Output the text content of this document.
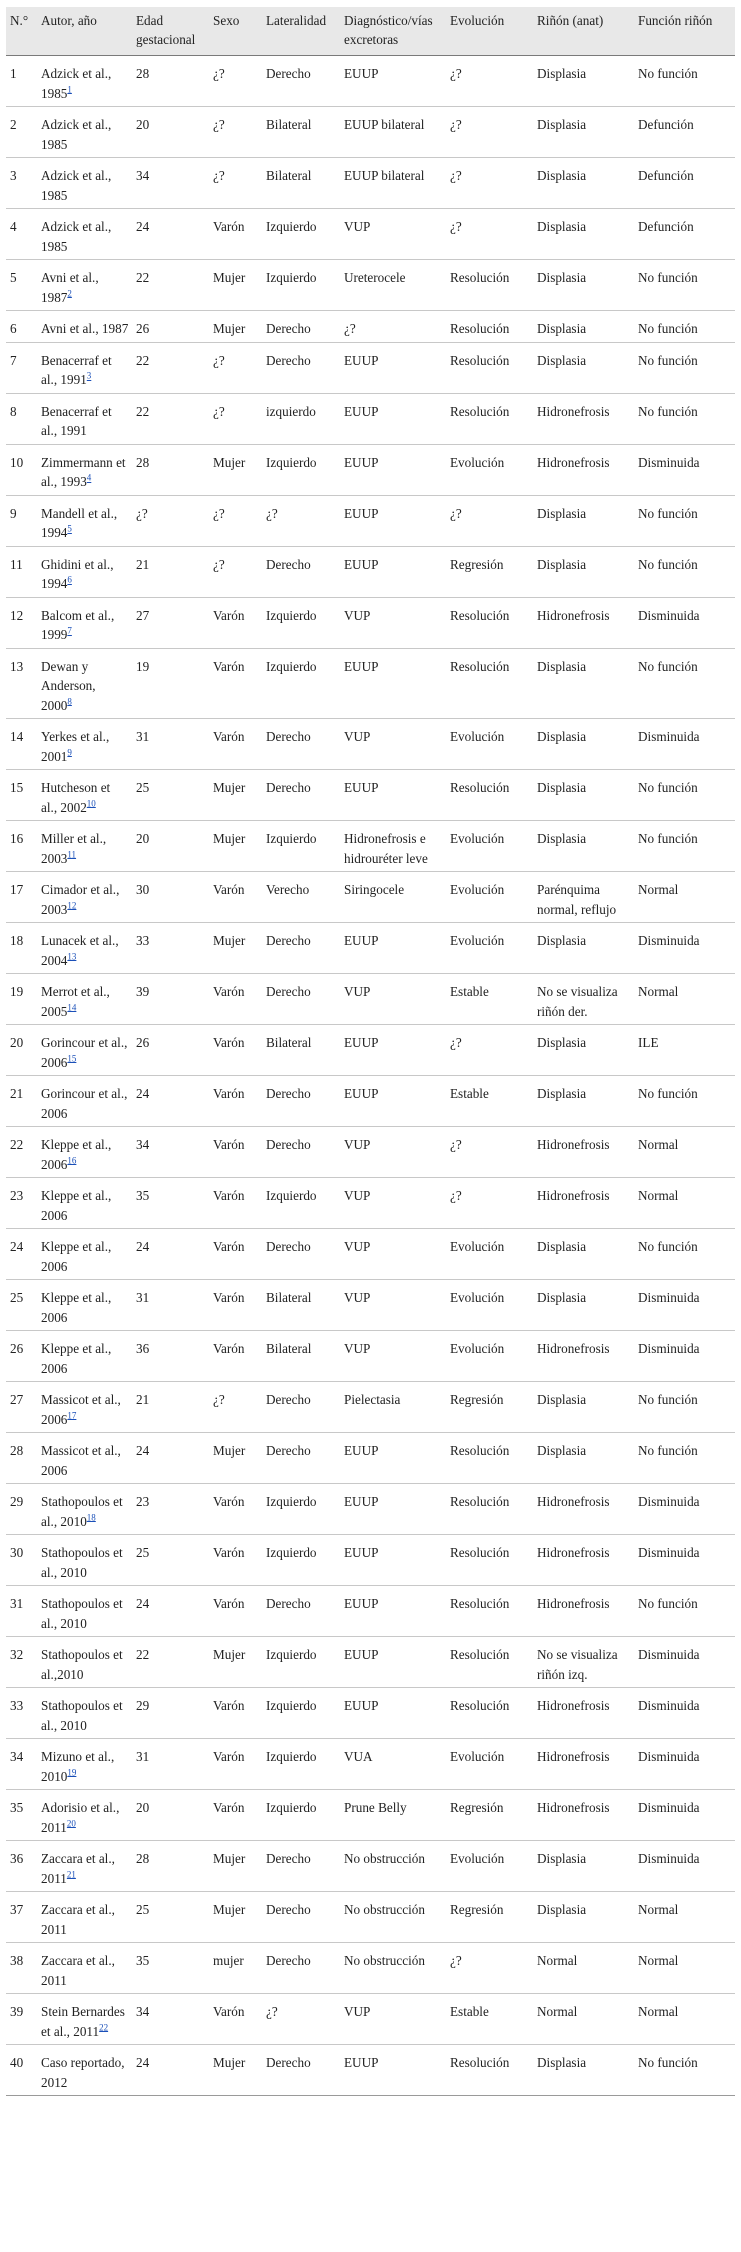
N.°	Autor, año	Edad gestacional	Sexo	Lateralidad	Diagnóstico/vías excretoras	Evolución	Riñón (anat)	Función riñón
1	Adzick et al., 1985$^1$	28	¿?	Derecho	EUUP	¿?	Displasia	No función
2	Adzick et al., 1985	20	¿?	Bilateral	EUUP bilateral	¿?	Displasia	Defunción
3	Adzick et al., 1985	34	¿?	Bilateral	EUUP bilateral	¿?	Displasia	Defunción
4	Adzick et al., 1985	24	Varón	Izquierdo	VUP	¿?	Displasia	Defunción
5	Avni et al., 1987$^2$	22	Mujer	Izquierdo	Ureterocele	Resolución	Displasia	No función
6	Avni et al., 1987	26	Mujer	Derecho	¿?	Resolución	Displasia	No función
7	Benacerraf et al., 1991$^3$	22	¿?	Derecho	EUUP	Resolución	Displasia	No función
8	Benacerraf et al., 1991	22	¿?	izquierdo	EUUP	Resolución	Hidronefrosis	No función
10	Zimmermann et al., 1993$^4$	28	Mujer	Izquierdo	EUUP	Evolución	Hidronefrosis	Disminuida
9	Mandell et al., 1994$^5$	¿?	¿?	¿?	EUUP	¿?	Displasia	No función
11	Ghidini et al., 1994$^6$	21	¿?	Derecho	EUUP	Regresión	Displasia	No función
12	Balcom et al., 1999$^7$	27	Varón	Izquierdo	VUP	Resolución	Hidronefrosis	Disminuida
13	Dewan y Anderson, 2000$^8$	19	Varón	Izquierdo	EUUP	Resolución	Displasia	No función
14	Yerkes et al., 2001$^9$	31	Varón	Derecho	VUP	Evolución	Displasia	Disminuida
15	Hutcheson et al., 2002$^{10}$	25	Mujer	Derecho	EUUP	Resolución	Displasia	No función
16	Miller et al., 2003$^{11}$	20	Mujer	Izquierdo	Hidronefrosis e hidrouréter leve	Evolución	Displasia	No función
17	Cimador et al., 2003$^{12}$	30	Varón	Verecho	Siringocele	Evolución	Parénquima normal, reflujo	Normal
18	Lunacek et al., 2004$^{13}$	33	Mujer	Derecho	EUUP	Evolución	Displasia	Disminuida
19	Merrot et al., 2005$^{14}$	39	Varón	Derecho	VUP	Estable	No se visualiza riñón der.	Normal
20	Gorincour et al., 2006$^{15}$	26	Varón	Bilateral	EUUP	¿?	Displasia	ILE
21	Gorincour et al., 2006	24	Varón	Derecho	EUUP	Estable	Displasia	No función
22	Kleppe et al., 2006$^{16}$	34	Varón	Derecho	VUP	¿?	Hidronefrosis	Normal
23	Kleppe et al., 2006	35	Varón	Izquierdo	VUP	¿?	Hidronefrosis	Normal
24	Kleppe et al., 2006	24	Varón	Derecho	VUP	Evolución	Displasia	No función
25	Kleppe et al., 2006	31	Varón	Bilateral	VUP	Evolución	Displasia	Disminuida
26	Kleppe et al., 2006	36	Varón	Bilateral	VUP	Evolución	Hidronefrosis	Disminuida
27	Massicot et al., 2006$^{17}$	21	¿?	Derecho	Pielectasia	Regresión	Displasia	No función
28	Massicot et al., 2006	24	Mujer	Derecho	EUUP	Resolución	Displasia	No función
29	Stathopoulos et al., 2010$^{18}$	23	Varón	Izquierdo	EUUP	Resolución	Hidronefrosis	Disminuida
30	Stathopoulos et al., 2010	25	Varón	Izquierdo	EUUP	Resolución	Hidronefrosis	Disminuida
31	Stathopoulos et al., 2010	24	Varón	Derecho	EUUP	Resolución	Hidronefrosis	No función
32	Stathopoulos et al.,2010	22	Mujer	Izquierdo	EUUP	Resolución	No se visualiza riñón izq.	Disminuida
33	Stathopoulos et al., 2010	29	Varón	Izquierdo	EUUP	Resolución	Hidronefrosis	Disminuida
34	Mizuno et al., 2010$^{19}$	31	Varón	Izquierdo	VUA	Evolución	Hidronefrosis	Disminuida
35	Adorisio et al., 2011$^{20}$	20	Varón	Izquierdo	Prune Belly	Regresión	Hidronefrosis	Disminuida
36	Zaccara et al., 2011$^{21}$	28	Mujer	Derecho	No obstrucción	Evolución	Displasia	Disminuida
37	Zaccara et al., 2011	25	Mujer	Derecho	No obstrucción	Regresión	Displasia	Normal
38	Zaccara et al., 2011	35	mujer	Derecho	No obstrucción	¿?	Normal	Normal
39	Stein Bernardes et al., 2011$^{22}$	34	Varón	¿?	VUP	Estable	Normal	Normal
40	Caso reportado, 2012	24	Mujer	Derecho	EUUP	Resolución	Displasia	No función
